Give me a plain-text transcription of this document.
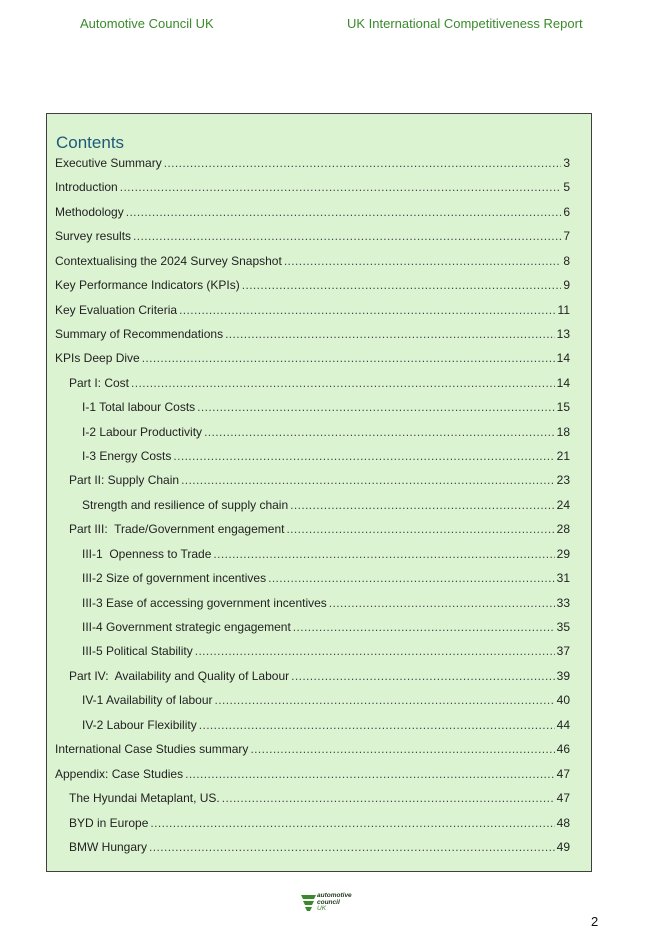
Automotive Council UK	UK International Competitiveness Report
Contents
Executive Summary .....	3
Introduction .....	5
Methodology .....	6
Survey results .....	7
Contextualising the 2024 Survey Snapshot .....	8
Key Performance Indicators (KPIs) .....	9
Key Evaluation Criteria .....	11
Summary of Recommendations .....	13
KPIs Deep Dive .....	14
Part I: Cost .....	14
I-1 Total labour Costs .....	15
I-2 Labour Productivity .....	18
I-3 Energy Costs .....	21
Part II: Supply Chain .....	23
Strength and resilience of supply chain .....	24
Part III:  Trade/Government engagement .....	28
III-1  Openness to Trade .....	29
III-2 Size of government incentives .....	31
III-3 Ease of accessing government incentives .....	33
III-4 Government strategic engagement .....	35
III-5 Political Stability .....	37
Part IV:  Availability and Quality of Labour .....	39
IV-1 Availability of labour .....	40
IV-2 Labour Flexibility .....	44
International Case Studies summary .....	46
Appendix: Case Studies .....	47
The Hyundai Metaplant, US. .....	47
BYD in Europe .....	48
BMW Hungary .....	49
automotive
council
UK
2
